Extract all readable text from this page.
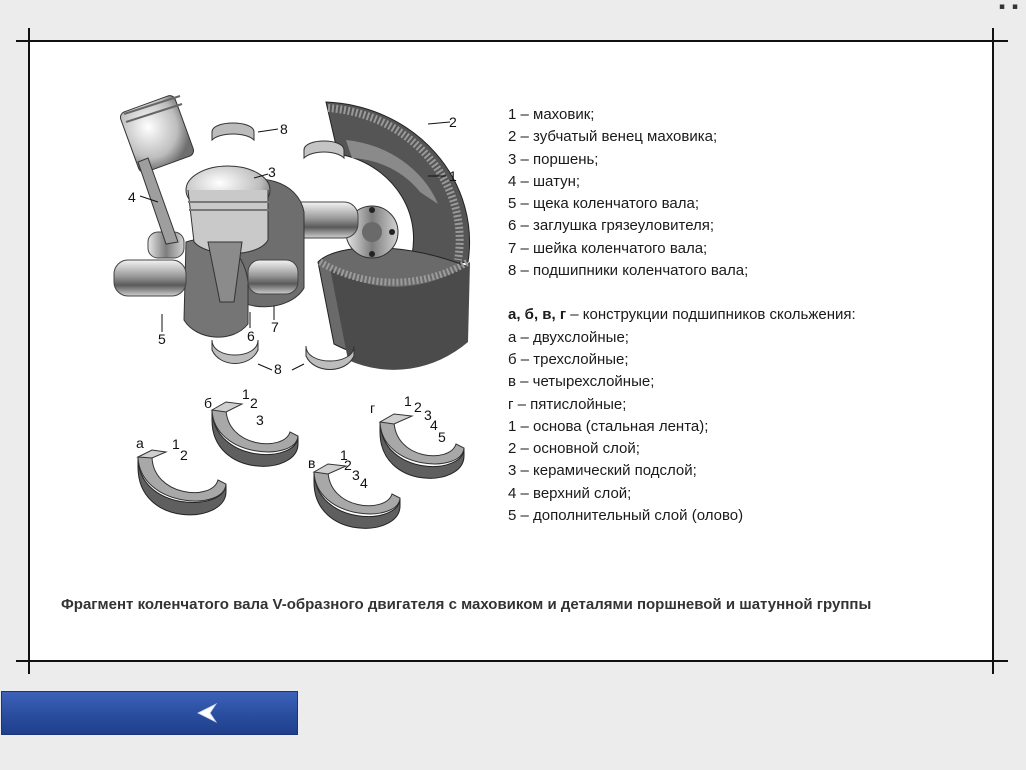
▪ ▪
8	2
1
3
4
5	6
7
8
а 1
2
б
1
2
3
в 1
2
3 4
г 1 2 3
4
5
1 – маховик;
2 – зубчатый венец маховика;
3 – поршень;
4 – шатун;
5 – щека коленчатого вала;
6 – заглушка грязеуловителя;
7 – шейка коленчатого вала;
8 – подшипники коленчатого вала;
а, б, в, г – конструкции подшипников скольжения:
а – двухслойные;
б – трехслойные;
в – четырехслойные;
г – пятислойные;
1 – основа (стальная лента);
2 – основной слой;
3 – керамический подслой;
4 – верхний слой;
5 – дополнительный слой (олово)
Фрагмент коленчатого вала V-образного двигателя с маховиком и деталями поршневой и шатунной группы
